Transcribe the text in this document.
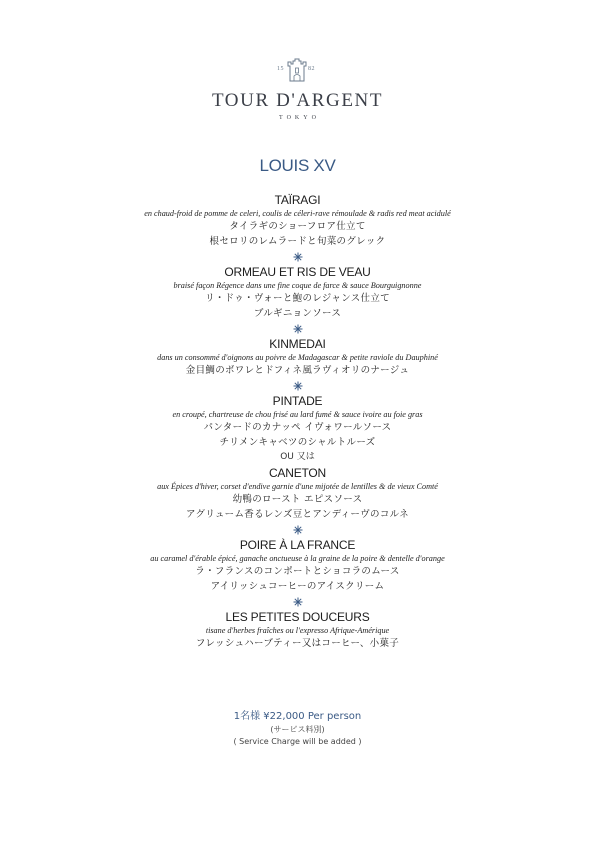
15	82
TOUR D'ARGENT
TOKYO
LOUIS XV
TAÏRAGI
en chaud-froid de pomme de celeri, coulis de céleri-rave rémoulade & radis red meat acidulé
タイラギのショーフロア仕立て
根セロリのレムラードと旬菜のグレック
ORMEAU ET RIS DE VEAU
braisé façon Régence dans une fine coque de farce & sauce Bourguignonne
リ・ドゥ・ヴォーと鮑のレジャンス仕立て
ブルギニョンソース
KINMEDAI
dans un consommé d'oignons au poivre de Madagascar & petite raviole du Dauphiné
金目鯛のボワレとドフィネ風ラヴィオリのナージュ
PINTADE
en croupé, chartreuse de chou frisé au lard fumé & sauce ivoire au foie gras
パンタードのカナッペ イヴォワールソース
チリメンキャベツのシャルトルーズ
OU 又は
CANETON
aux Épices d'hiver, corset d'endive garnie d'une mijotée de lentilles & de vieux Comté
幼鴨のロースト エピスソース
アグリューム香るレンズ豆とアンディーヴのコルネ
POIRE À LA FRANCE
au caramel d'érable épicé, ganache onctueuse à la graine de la poire & dentelle d'orange
ラ・フランスのコンポートとショコラのムース
アイリッシュコーヒーのアイスクリーム
LES PETITES DOUCEURS
tisane d'herbes fraîches ou l'expresso Afrique-Amérique
フレッシュハーブティー又はコーヒー、小菓子
1名様 ¥22,000 Per person
(サービス料別)
( Service Charge will be added )
